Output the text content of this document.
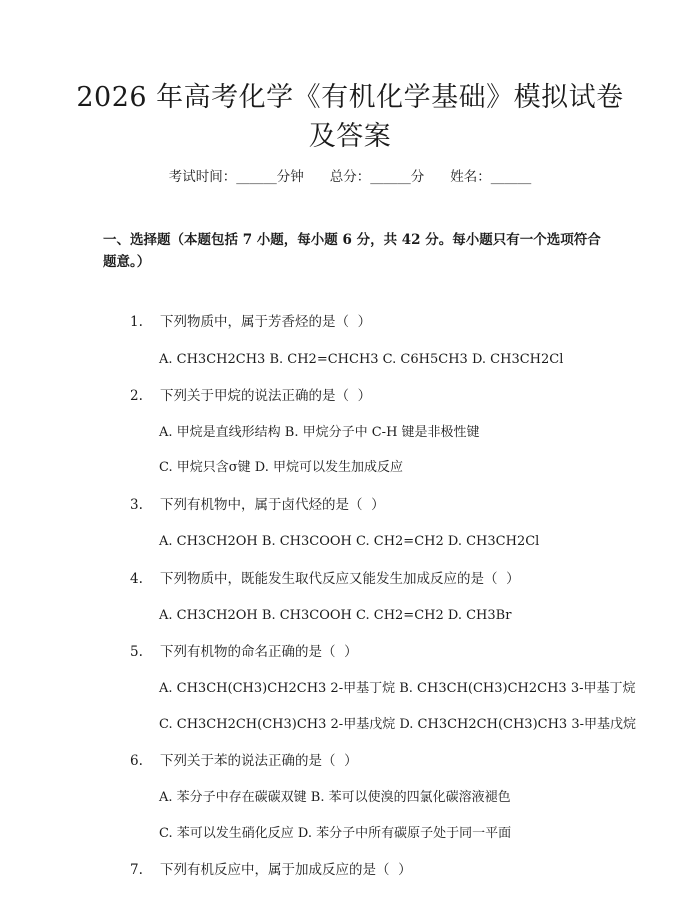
2026 年高考化学《有机化学基础》模拟试卷
及答案
考试时间：______分钟 总分：______分 姓名：______
一、选择题（本题包括 7 小题，每小题 6 分，共 42 分。每小题只有一个选项符合
题意。）
1. 下列物质中，属于芳香烃的是（  ）
A. CH3CH2CH3 B. CH2=CHCH3 C. C6H5CH3 D. CH3CH2Cl
2. 下列关于甲烷的说法正确的是（  ）
A. 甲烷是直线形结构 B. 甲烷分子中 C-H 键是非极性键
C. 甲烷只含σ键 D. 甲烷可以发生加成反应
3. 下列有机物中，属于卤代烃的是（  ）
A. CH3CH2OH B. CH3COOH C. CH2=CH2 D. CH3CH2Cl
4. 下列物质中，既能发生取代反应又能发生加成反应的是（  ）
A. CH3CH2OH B. CH3COOH C. CH2=CH2 D. CH3Br
5. 下列有机物的命名正确的是（  ）
A. CH3CH(CH3)CH2CH3 2-甲基丁烷 B. CH3CH(CH3)CH2CH3 3-甲基丁烷
C. CH3CH2CH(CH3)CH3 2-甲基戊烷 D. CH3CH2CH(CH3)CH3 3-甲基戊烷
6. 下列关于苯的说法正确的是（  ）
A. 苯分子中存在碳碳双键 B. 苯可以使溴的四氯化碳溶液褪色
C. 苯可以发生硝化反应 D. 苯分子中所有碳原子处于同一平面
7. 下列有机反应中，属于加成反应的是（  ）
